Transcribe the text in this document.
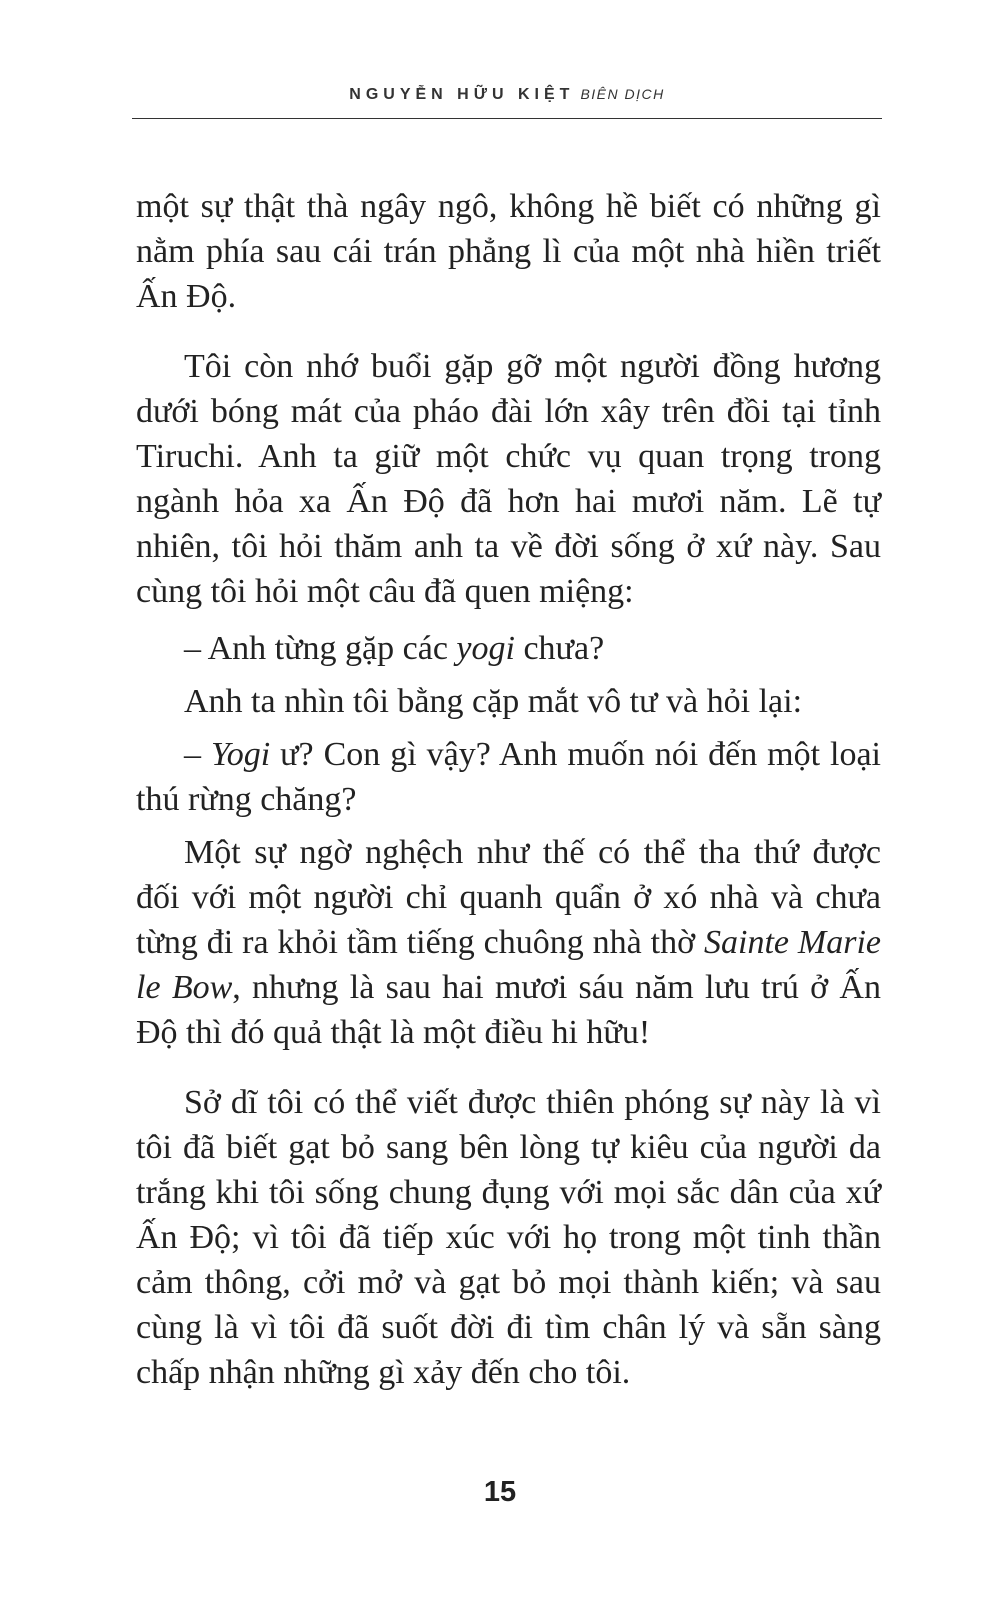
NGUYỄN HỮU KIỆT BIÊN DỊCH

một sự thật thà ngây ngô, không hề biết có những gì nằm phía sau cái trán phẳng lì của một nhà hiền triết Ấn Độ.

Tôi còn nhớ buổi gặp gỡ một người đồng hương dưới bóng mát của pháo đài lớn xây trên đồi tại tỉnh Tiruchi. Anh ta giữ một chức vụ quan trọng trong ngành hỏa xa Ấn Độ đã hơn hai mươi năm. Lẽ tự nhiên, tôi hỏi thăm anh ta về đời sống ở xứ này. Sau cùng tôi hỏi một câu đã quen miệng:

– Anh từng gặp các yogi chưa?

Anh ta nhìn tôi bằng cặp mắt vô tư và hỏi lại:

– Yogi ư? Con gì vậy? Anh muốn nói đến một loại thú rừng chăng?

Một sự ngờ nghệch như thế có thể tha thứ được đối với một người chỉ quanh quẩn ở xó nhà và chưa từng đi ra khỏi tầm tiếng chuông nhà thờ Sainte Marie le Bow, nhưng là sau hai mươi sáu năm lưu trú ở Ấn Độ thì đó quả thật là một điều hi hữu!

Sở dĩ tôi có thể viết được thiên phóng sự này là vì tôi đã biết gạt bỏ sang bên lòng tự kiêu của người da trắng khi tôi sống chung đụng với mọi sắc dân của xứ Ấn Độ; vì tôi đã tiếp xúc với họ trong một tinh thần cảm thông, cởi mở và gạt bỏ mọi thành kiến; và sau cùng là vì tôi đã suốt đời đi tìm chân lý và sẵn sàng chấp nhận những gì xảy đến cho tôi.

15
